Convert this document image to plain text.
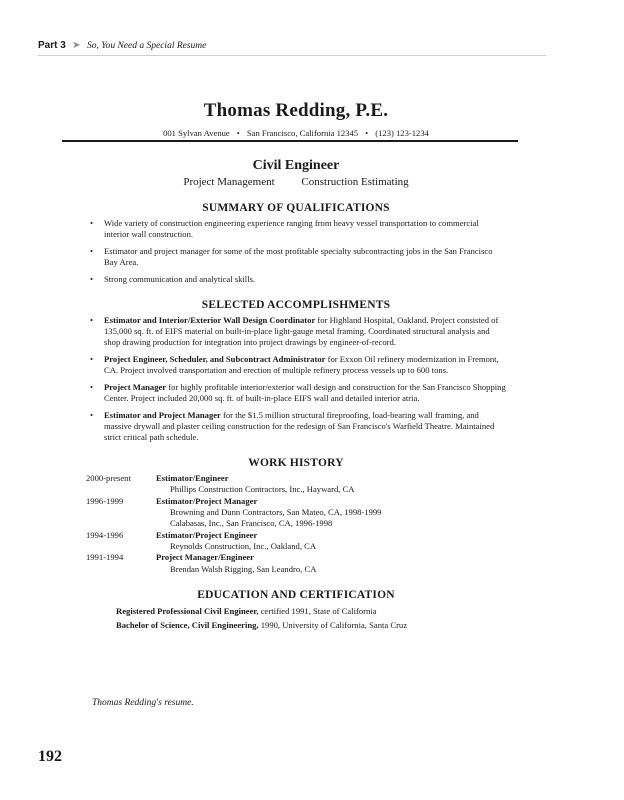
Part 3 ➤ So, You Need a Special Resume
Thomas Redding, P.E.
001 Sylvan Avenue • San Francisco, California 12345 • (123) 123-1234
Civil Engineer
Project Management Construction Estimating
SUMMARY OF QUALIFICATIONS
• Wide variety of construction engineering experience ranging from heavy vessel transportation to commercial interior wall construction.
• Estimator and project manager for some of the most profitable specialty subcontracting jobs in the San Francisco Bay Area.
• Strong communication and analytical skills.
SELECTED ACCOMPLISHMENTS
• Estimator and Interior/Exterior Wall Design Coordinator for Highland Hospital, Oakland. Project consisted of 135,000 sq. ft. of EIFS material on built-in-place light-gauge metal framing. Coordinated structural analysis and shop drawing production for integration into project drawings by engineer-of-record.
• Project Engineer, Scheduler, and Subcontract Administrator for Exxon Oil refinery modernization in Fremont, CA. Project involved transportation and erection of multiple refinery process vessels up to 600 tons.
• Project Manager for highly profitable interior/exterior wall design and construction for the San Francisco Shopping Center. Project included 20,000 sq. ft. of built-in-place EIFS wall and detailed interior atria.
• Estimator and Project Manager for the $1.5 million structural fireproofing, load-bearing wall framing, and massive drywall and plaster ceiling construction for the redesign of San Francisco's Warfield Theatre. Maintained strict critical path schedule.
WORK HISTORY
2000-present	Estimator/Engineer
Phillips Construction Contractors, Inc., Hayward, CA
1996-1999	Estimator/Project Manager
Browning and Dunn Contractors, San Mateo, CA, 1998-1999
Calabasas, Inc., San Francisco, CA, 1996-1998
1994-1996	Estimator/Project Engineer
Reynolds Construction, Inc., Oakland, CA
1991-1994	Project Manager/Engineer
Brendan Walsh Rigging, San Leandro, CA
EDUCATION AND CERTIFICATION
Registered Professional Civil Engineer, certified 1991, State of California
Bachelor of Science, Civil Engineering, 1990, University of California, Santa Cruz
Thomas Redding's resume.
192
